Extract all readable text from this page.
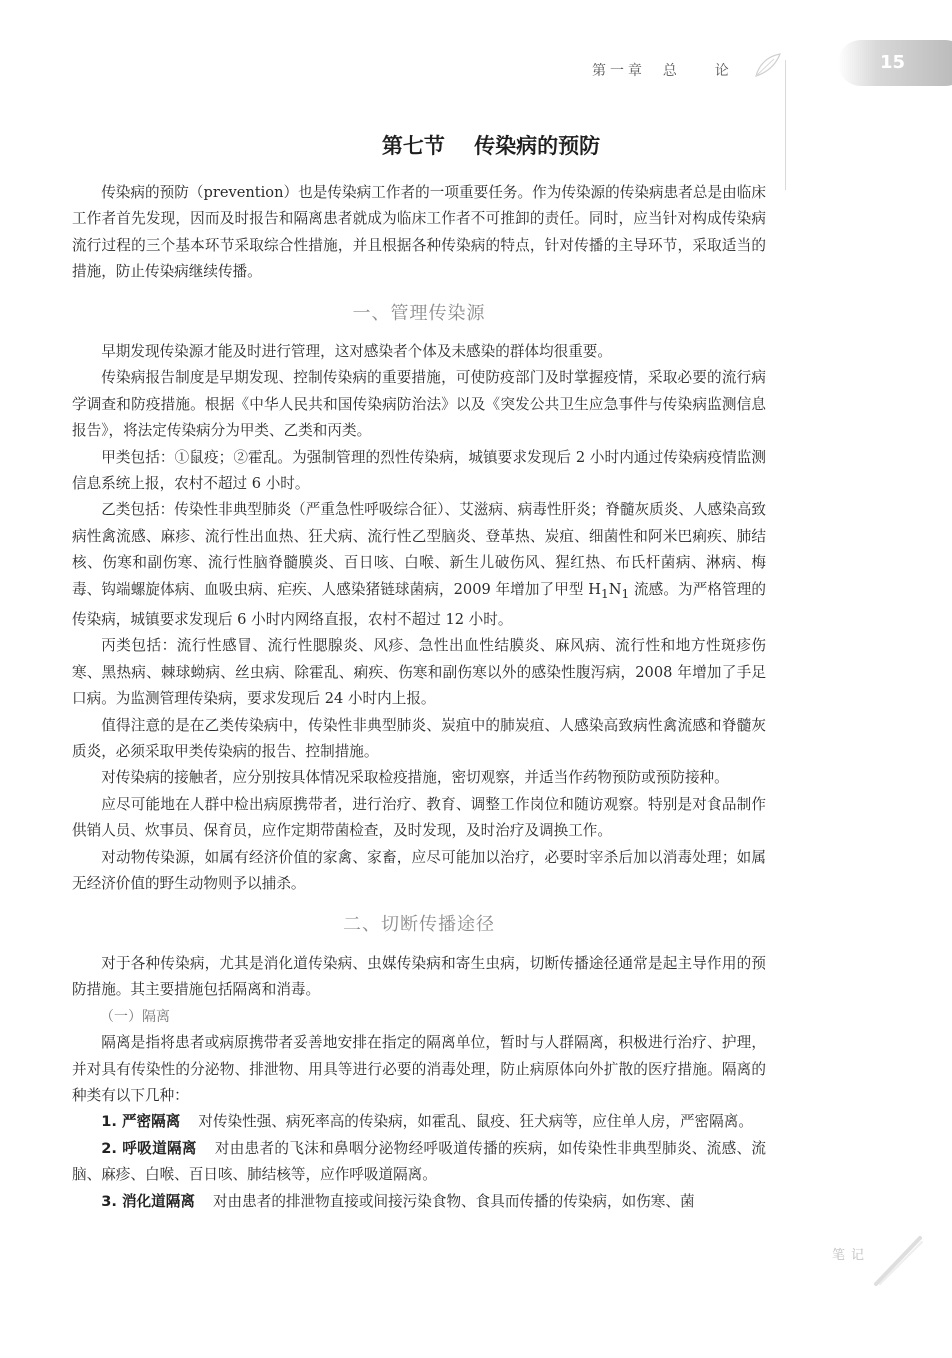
第一章  总    论	15
第七节    传染病的预防

传染病的预防（prevention）也是传染病工作者的一项重要任务。作为传染源的传染病患者总是由临床工作者首先发现，因而及时报告和隔离患者就成为临床工作者不可推卸的责任。同时，应当针对构成传染病流行过程的三个基本环节采取综合性措施，并且根据各种传染病的特点，针对传播的主导环节，采取适当的措施，防止传染病继续传播。

一、管理传染源

早期发现传染源才能及时进行管理，这对感染者个体及未感染的群体均很重要。

传染病报告制度是早期发现、控制传染病的重要措施，可使防疫部门及时掌握疫情，采取必要的流行病学调查和防疫措施。根据《中华人民共和国传染病防治法》以及《突发公共卫生应急事件与传染病监测信息报告》，将法定传染病分为甲类、乙类和丙类。

甲类包括：①鼠疫；②霍乱。为强制管理的烈性传染病，城镇要求发现后 2 小时内通过传染病疫情监测信息系统上报，农村不超过 6 小时。

乙类包括：传染性非典型肺炎（严重急性呼吸综合征）、艾滋病、病毒性肝炎；脊髓灰质炎、人感染高致病性禽流感、麻疹、流行性出血热、狂犬病、流行性乙型脑炎、登革热、炭疽、细菌性和阿米巴痢疾、肺结核、伤寒和副伤寒、流行性脑脊髓膜炎、百日咳、白喉、新生儿破伤风、猩红热、布氏杆菌病、淋病、梅毒、钩端螺旋体病、血吸虫病、疟疾、人感染猪链球菌病，2009 年增加了甲型 $H_1N_1$ 流感。为严格管理的传染病，城镇要求发现后 6 小时内网络直报，农村不超过 12 小时。

丙类包括：流行性感冒、流行性腮腺炎、风疹、急性出血性结膜炎、麻风病、流行性和地方性斑疹伤寒、黑热病、棘球蚴病、丝虫病、除霍乱、痢疾、伤寒和副伤寒以外的感染性腹泻病，2008 年增加了手足口病。为监测管理传染病，要求发现后 24 小时内上报。

值得注意的是在乙类传染病中，传染性非典型肺炎、炭疽中的肺炭疽、人感染高致病性禽流感和脊髓灰质炎，必须采取甲类传染病的报告、控制措施。

对传染病的接触者，应分别按具体情况采取检疫措施，密切观察，并适当作药物预防或预防接种。

应尽可能地在人群中检出病原携带者，进行治疗、教育、调整工作岗位和随访观察。特别是对食品制作供销人员、炊事员、保育员，应作定期带菌检查，及时发现，及时治疗及调换工作。

对动物传染源，如属有经济价值的家禽、家畜，应尽可能加以治疗，必要时宰杀后加以消毒处理；如属无经济价值的野生动物则予以捕杀。

二、切断传播途径

对于各种传染病，尤其是消化道传染病、虫媒传染病和寄生虫病，切断传播途径通常是起主导作用的预防措施。其主要措施包括隔离和消毒。

（一）隔离

隔离是指将患者或病原携带者妥善地安排在指定的隔离单位，暂时与人群隔离，积极进行治疗、护理，并对具有传染性的分泌物、排泄物、用具等进行必要的消毒处理，防止病原体向外扩散的医疗措施。隔离的种类有以下几种：

1. 严密隔离 对传染性强、病死率高的传染病，如霍乱、鼠疫、狂犬病等，应住单人房，严密隔离。

2. 呼吸道隔离 对由患者的飞沫和鼻咽分泌物经呼吸道传播的疾病，如传染性非典型肺炎、流感、流脑、麻疹、白喉、百日咳、肺结核等，应作呼吸道隔离。

3. 消化道隔离 对由患者的排泄物直接或间接污染食物、食具而传播的传染病，如伤寒、菌

笔记
